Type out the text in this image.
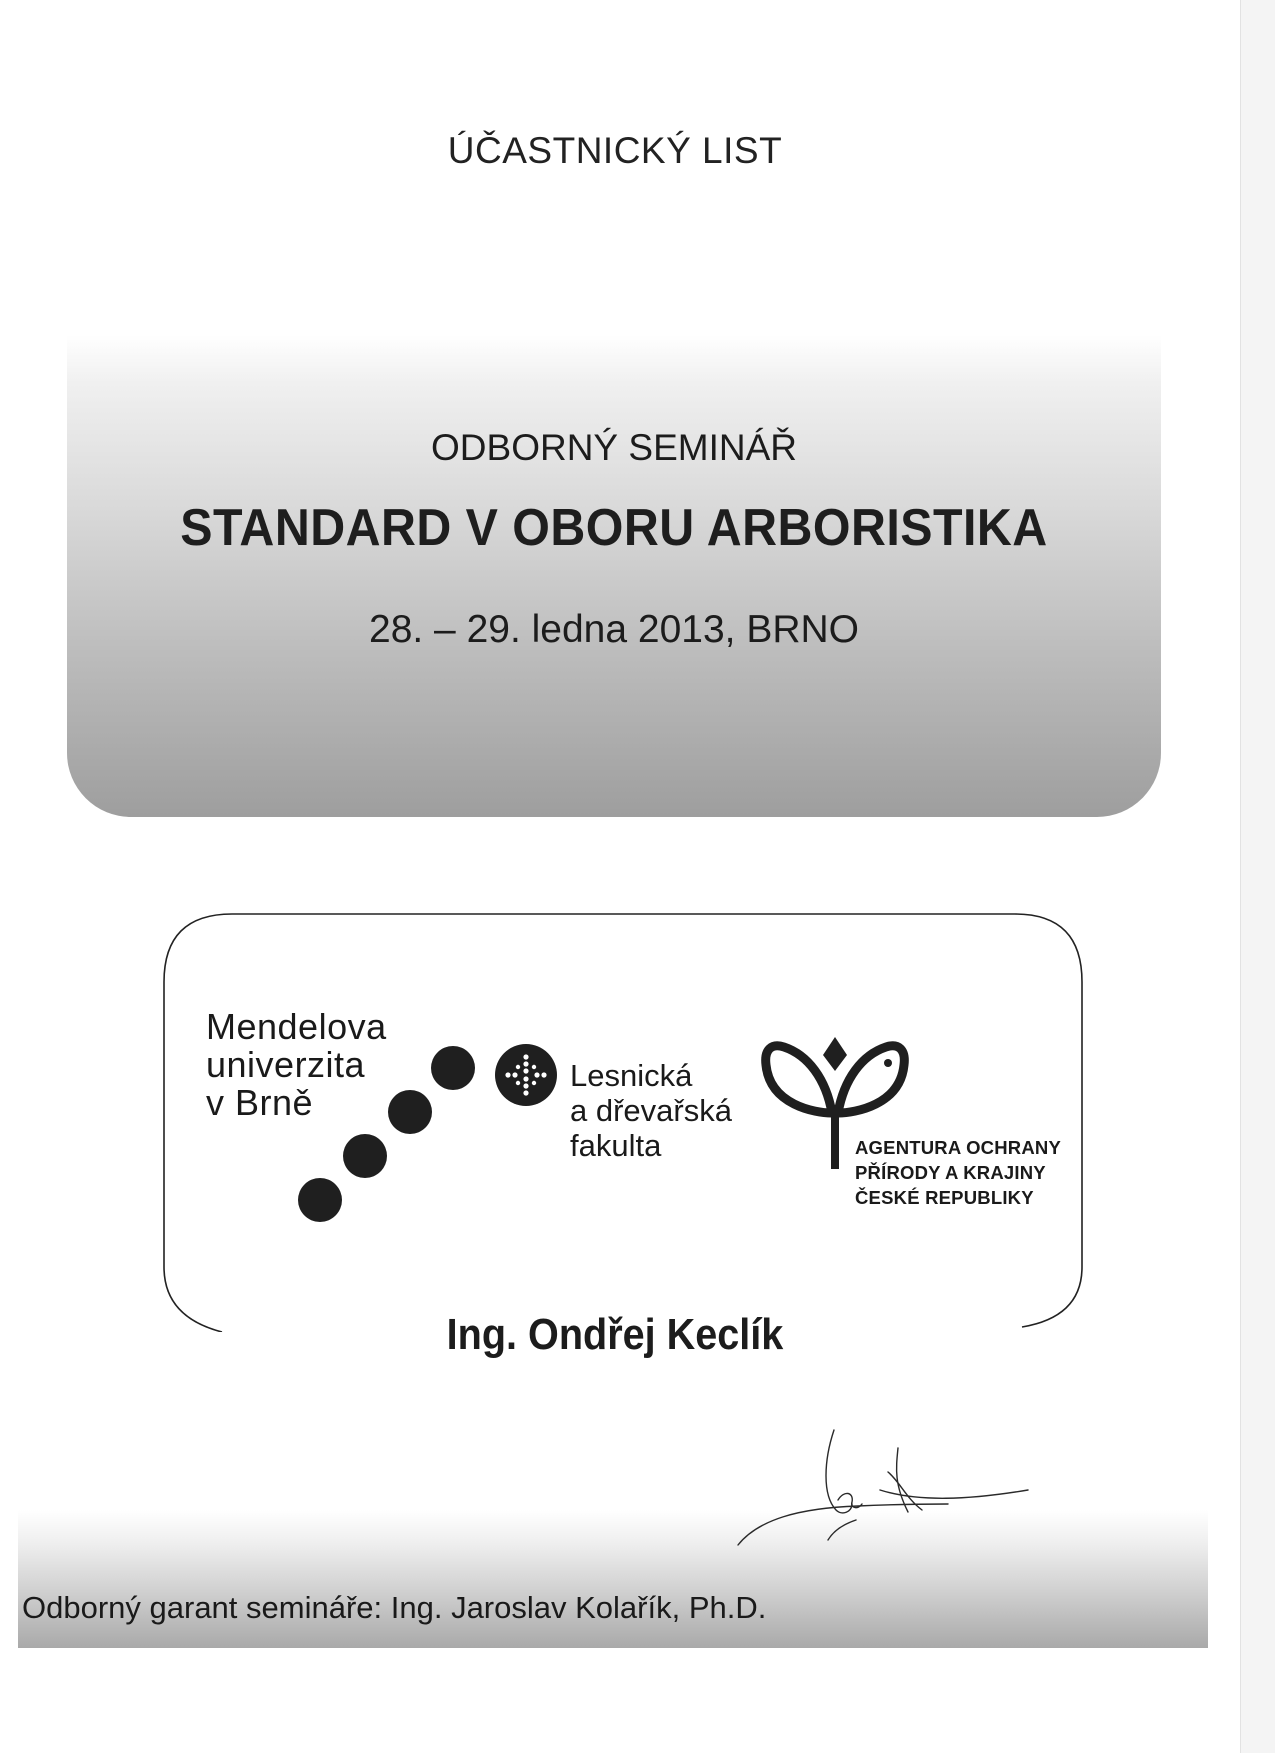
ÚČASTNICKÝ LIST
ODBORNÝ SEMINÁŘ
STANDARD V OBORU ARBORISTIKA
28. – 29. ledna 2013, BRNO
Mendelova
univerzita
v Brně
Lesnická
a dřevařská
fakulta	AGENTURA OCHRANY
PŘÍRODY A KRAJINY
ČESKÉ REPUBLIKY
Ing. Ondřej Keclík
Odborný garant semináře: Ing. Jaroslav Kolařík, Ph.D.
